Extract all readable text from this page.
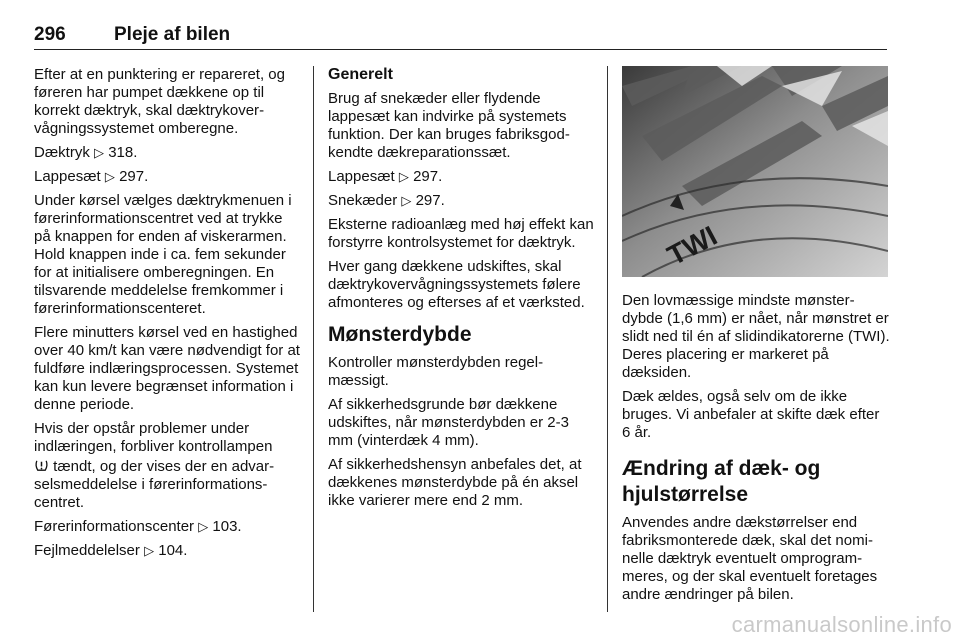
296	Pleje af bilen

Efter at en punktering er repareret, og føreren har pumpet dækkene op til korrekt dæktryk, skal dæktrykovervågningssystemet omberegne.

Dæktryk ▷ 318.

Lappesæt ▷ 297.

Under kørsel vælges dæktrykmenuen i førerinformationscentret ved at trykke på knappen for enden af viskerarmen. Hold knappen inde i ca. fem sekunder for at initialisere omberegningen. En tilsvarende meddelelse fremkommer i førerinformationscenteret.

Flere minutters kørsel ved en hastighed over 40 km/t kan være nødvendigt for at fuldføre indlæringsprocessen. Systemet kan kun levere begrænset information i denne periode.

Hvis der opstår problemer under indlæringen, forbliver kontrollampen
tændt, og der vises der en advarselsmeddelelse i førerinformationscentret.

Førerinformationscenter ▷ 103.

Fejlmeddelelser ▷ 104.

Generelt

Brug af snekæder eller flydende lappesæt kan indvirke på systemets funktion. Der kan bruges fabriksgodkendte dækreparationssæt.

Lappesæt ▷ 297.

Snekæder ▷ 297.

Eksterne radioanlæg med høj effekt kan forstyrre kontrolsystemet for dæktryk.

Hver gang dækkene udskiftes, skal dæktrykovervågningssystemets følere afmonteres og efterses af et værksted.

Mønsterdybde

Kontroller mønsterdybden regelmæssigt.

Af sikkerhedsgrunde bør dækkene udskiftes, når mønsterdybden er 2-3 mm (vinterdæk 4 mm).

Af sikkerhedshensyn anbefales det, at dækkenes mønsterdybde på én aksel ikke varierer mere end 2 mm.

TWI

Den lovmæssige mindste mønsterdybde (1,6 mm) er nået, når mønstret er slidt ned til én af slidindikatorerne (TWI). Deres placering er markeret på dæksiden.

Dæk ældes, også selv om de ikke bruges. Vi anbefaler at skifte dæk efter 6 år.

Ændring af dæk- og hjulstørrelse

Anvendes andre dækstørrelser end fabriksmonterede dæk, skal det nominelle dæktryk eventuelt omprogrammeres, og der skal eventuelt foretages andre ændringer på bilen.

carmanualsonline.info
